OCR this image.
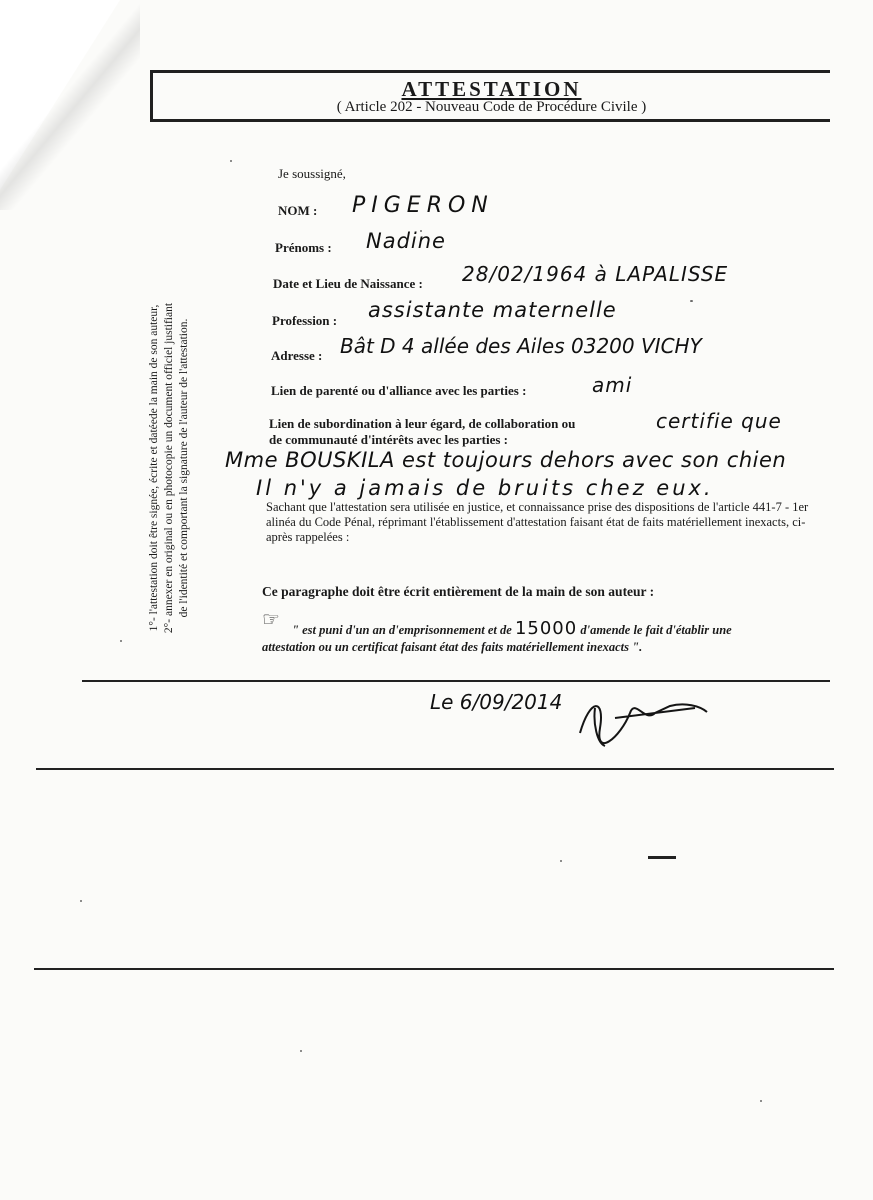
ATTESTATION
( Article 202 - Nouveau Code de Procédure Civile )
1°- l'attestation doit être signée, écrite et datéede la main de son auteur, 2°- annexer en original ou en photocopie un document officiel justifiant de l'identité et comportant la signature de l'auteur de l'attestation.
Je soussigné,
NOM : PIGERON
Prénoms : Nadine
Date et Lieu de Naissance : 28/02/1964 à LAPALISSE
Profession : assistante maternelle
Adresse : Bât D 4 allée des Ailes 03200 VICHY
Lien de parenté ou d'alliance avec les parties :	ami
Lien de subordination à leur égard, de collaboration ou
de communauté d'intérêts avec les parties :
certifie que
Mme BOUSKILA est toujours dehors avec son chien
Il n'y a jamais de bruits chez eux.
Sachant que l'attestation sera utilisée en justice, et connaissance prise des dispositions de l'article 441-7 - 1er alinéa du Code Pénal, réprimant l'établissement d'attestation faisant état de faits matériellement inexacts, ci-après rappelées :
Ce paragraphe doit être écrit entièrement de la main de son auteur :
☞ " est puni d'un an d'emprisonnement et de 15000 d'amende le fait d'établir une
attestation ou un certificat faisant état des faits matériellement inexacts ".
Le 6/09/2014
